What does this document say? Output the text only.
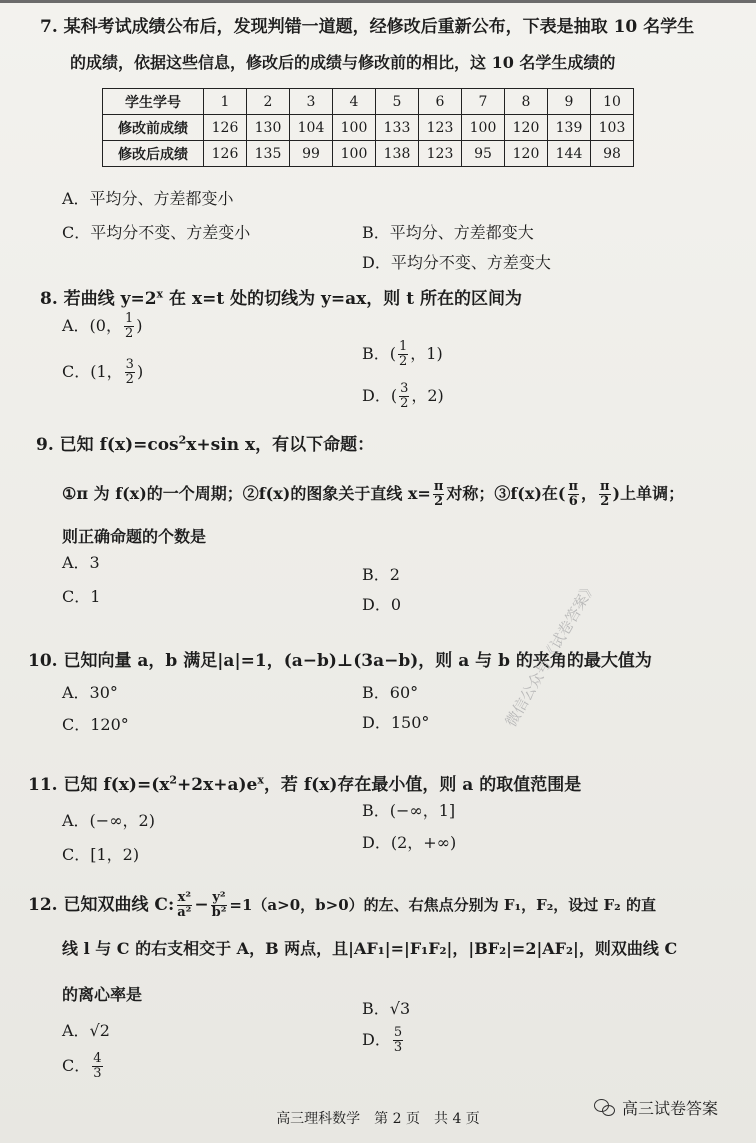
7. 某科考试成绩公布后，发现判错一道题，经修改后重新公布，下表是抽取 10 名学生
的成绩，依据这些信息，修改后的成绩与修改前的相比，这 10 名学生成绩的
学生学号	1	2	3	4	5	6	7	8	9	10
修改前成绩	126	130	104	100	133	123	100	120	139	103
修改后成绩	126	135	99	100	138	123	95	120	144	98
A．平均分、方差都变小
B．平均分、方差都变大
C．平均分不变、方差变小
D．平均分不变、方差变大
8. 若曲线 $y=2^x$ 在 x=t 处的切线为 y=ax，则 t 所在的区间为
A．(0， $\frac{1}{2}$ )
B．( $\frac{1}{2}$ ，1)
C．(1， $\frac{3}{2}$ )
D．( $\frac{3}{2}$ ，2)
9. 已知 $f(x)=\cos^2x+\sin$ x，有以下命题：
①π 为 f(x)的一个周期；②f(x)的图象关于直线 $x= \frac{\pi}{2}$ 对称；③f(x)在( $\frac{\pi}{6}$ ， $\frac{\pi}{2}$ )上单调；
则正确命题的个数是
A．3
B．2
C．1	D．0
10. 已知向量 a，b 满足|a|=1，(a−b)⊥(3a−b)，则 a 与 b 的夹角的最大值为
A．30°	B．60°
C．120°	D．150°
11. 已知 $f(x)=(x^2+2x+a)e^x$，若 f(x)存在最小值，则 a 的取值范围是
A．(−∞，2)
B．(−∞，1]
C．[1，2)
D．(2，+∞)
12. 已知双曲线 C: $\frac{\text{x²}}{\text{a²}} - \frac{\text{y²}}{\text{b²}} =1(a>0$，b>0）的左、右焦点分别为 F₁，F₂，设过 F₂ 的直
线 l 与 C 的右支相交于 A，B 两点，且|AF₁|=|F₁F₂|，|BF₂|=2|AF₂|，则双曲线 C
的离心率是
B．√3
A．√2	D． $\frac{5}{3}$
C． $\frac{4}{3}$
微信公众号《试卷答案》
高三理科数学　第 2 页　共 4 页
高三试卷答案
